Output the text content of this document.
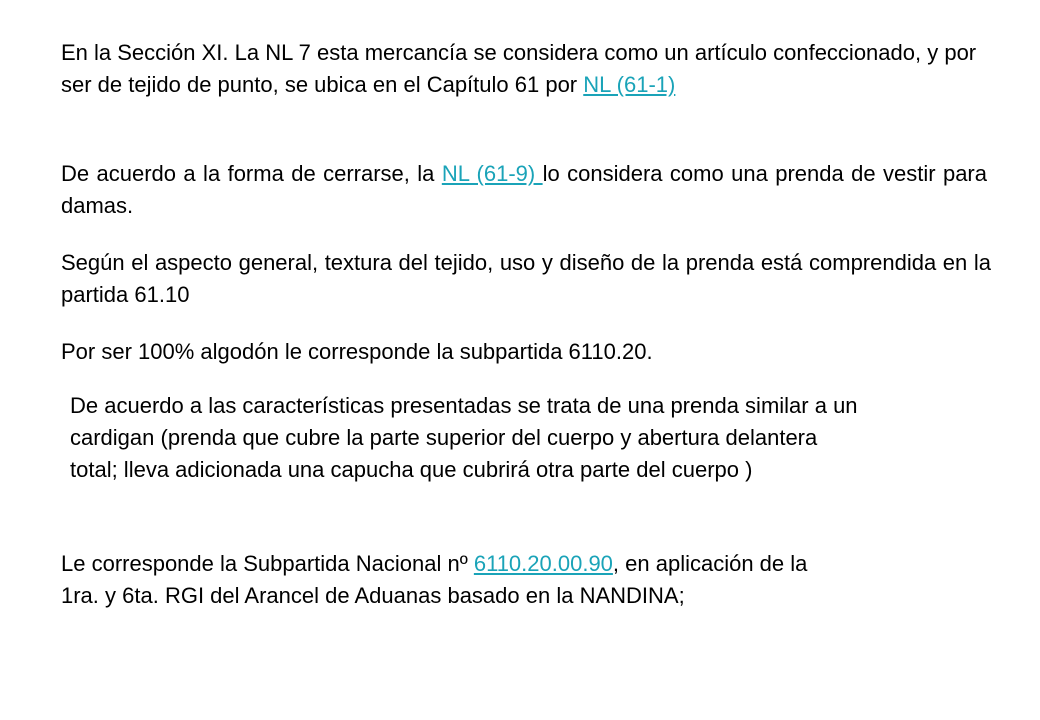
En la Sección XI. La NL 7 esta mercancía se considera como un artículo confeccionado, y por ser de tejido de punto, se ubica en el Capítulo 61 por NL (61-1)

De acuerdo a la forma de cerrarse, la NL (61-9) lo considera como una prenda de vestir para damas.

Según el aspecto general, textura del tejido, uso y diseño de la prenda está comprendida en la partida 61.10

Por ser 100% algodón le corresponde la subpartida 6110.20.

De acuerdo a las características presentadas se trata de una prenda similar a un
cardigan (prenda que cubre la parte superior del cuerpo y abertura delantera
total; lleva adicionada una capucha que cubrirá otra parte del cuerpo )

Le corresponde la Subpartida Nacional nº 6110.20.00.90, en aplicación de la
1ra. y 6ta. RGI del Arancel de Aduanas basado en la NANDINA;
